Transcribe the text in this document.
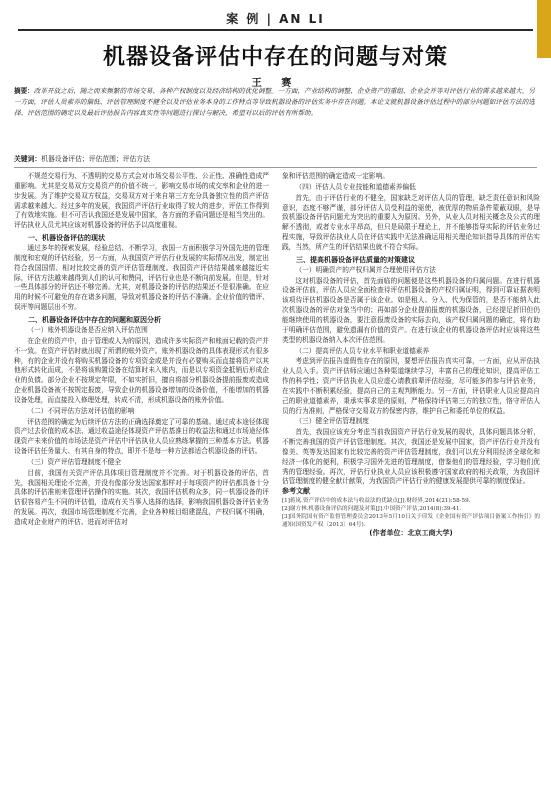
案 例 | AN LI
机器设备评估中存在的问题与对策
王 赛
摘要：改革开放之后，随之而来频繁的市场交易、各种产权制度以及经济结构的优化调整。一方面，产业结构的调整、企业资产的重组、企业会并等对评估行业的需求越来越大。另一方面，评估人员素养的偏低、评估管理制度不健全以及评估业务本身的工作特点等导致机器设备的评估实务中存在问题。本论文就机器设备评估过程中的部分问题如评估方法的选择、评估范围的确定以及最后评估报告内容真实性等问题进行探讨与解决，希望对以后的评估有所帮助。
关键词：机器设备评估；评估范围；评估方法

不规范交易行为、不透明的交易方式会对市场交易公平性、公正性、准确性造成严重影响。尤其是交易双方交易资产的价值不统一，影响交易市场的成交率和企业的进一步发展。为了维护交易双方权益，交易双方对于来自第三方充分具备独立性的资产评估需求越来越大。经过多年的发展，我国资产评估行业取得了较大的进步，评估工作得到了有效地实施。但不可否认我国还是发展中国家，各方面的矛盾问题还是相当突出的。评估执业人员尤其应该对机器设备的评估予以高度重视。

一、机器设备评估的现状

通过多年的探索发展，经验总结、不断学习，我国一方面积极学习外国先进的管理制度和宏观的评估经验，另一方面，从我国资产评估行业发展的实际情况出发，制定出符合我国国情、相对比较完善的资产评估管理制度。我国资产评估结果越来越接近实际，评估方法越来越得到人们的认可和赞同，评估行业也是不断向前发展。但是，针对一些具体部分的评估还不够完善。尤其，对机器设备的评估的结果还不是很准确。在应用的时候不可避免的存在诸多问题，导致对机器设备的评估不准确。企业价值的错评、误评等问题层出不穷。

二、机器设备评估中存在的问题和原因分析
（一）账外机器设备是否应纳入评估范围

在企业的资产中，由于管理或人为的原因，造成许多实际资产和账面记载的资产并不一致。在资产评估时就出现了所谓的账外资产。账外机器设备的具体表现形式有很多种，有的企业并没有将购买机器设备的专项资金或是并没有必要购买而直接将资产以其他形式转化而成，不是将该购置设备在结算时未入账内，而是以专项资金抵销后形成企业的负债。部分企业不按规定年限，不如实折旧，擅自将部分机器设备提前报废或造成企业机器设备被不按规定报废，导致企业的机器设备增加的设备价值，不能增加的机器设备处理，而直接投入修理处理，转成不清，形成机器设备的账外价值。

（二）不同评估方法对评估值的影响

评估范围的确定为后续评估方法的正确选择奠定了可靠的基础。通过成本途径体现资产过去价值的成本法、通过收益途径体现资产评估基准日的收益法和通过市场途径体现资产未来价值的市场法是资产评估中评估执业人员应熟练掌握的三种基本方法。机器设备评估任务量大、有其自身的特点，即并不是每一种方法都适合机器设备的评估。

（三）资产评估管理制度不健全

目前，我国有关资产评估具体项目管理制度并不完善。对于机器设备的评估，首先，我国相关理论不完善，并没有像部分发达国家那样对于每项资产的评估都具备十分具体的评估准则来管理评估操作的实施。其次，我国评估机构众多，同一机器设备的评估很容易产生不同的评估值，造成有关当事人选择的选择，影响我国机器设备评估业务的发展。再次，我国市场管理制度不完善，企业各种账目组建混乱，产权归属不明确，造成对企业财产的评估、进而对评估对

象和评估范围的确定造成一定影响。

（四）评估人员专业技能和道德素养偏低

首先，由于评估行业的不健全，国家缺乏对评估人员的管理，缺乏责任意识和风险意识，态度不够严谨，部分评估人员受利益的驱使，被优厚的物质条件蒙蔽双眼，是导致机器设备评估问题尤为突出的重要人为原因。另外，从业人员对相关概念及公式的理解不透彻，或者专业水平昂高，但只是局限于理论上，并不能够指导实际的评估业务过程实施，导致评估执业人员在评估实践中无法准确运用相关理论知识指导具体的评估实践，当然，所产生的评估结果也就不符合实际。

三、提高机器设备评估质量的对策建议
（一）明确资产的产权归属并合理使用评估方法

这对机器设备的评估，首先面临的问题便是这些机器设备的归属问题。在进行机器设备评估前，评估人员应全面检查待评估机器设备的产权归属证明，得到可靠证据表明该项待评估机器设备是否属于该企业。如是租人、分入、代为保管的，是否不能纳入此次机器设备的评估对象当中的；再如部分企业提前报废的机器设备，已经提足折旧但仍能继续使用的机器设备，要注意报废设备的实际去向，该产权归属问题的确定，将有助于明确评估范围，避免遗漏有价值的资产。在进行该企业的机器设备评估时应该将这些类型的机器设备纳入本次评估范围。

（二）提高评估人员专业水平和职业道德素养

考虑到评估报告虚假性存在的原因，要想评估报告真实可靠，一方面，应从评估执业人员入手。资产评估师应通过各种渠道继续学习，丰富自己的理论知识，提高评估工作的科学性；资产评估执业人员应虚心请教前辈评估经验，尽可能多的参与评估业务，在实践中不断积累经验，提高自己的主观判断能力。另一方面，评估职业人员应提高自己的职业道德素养，秉承实事求是的原则，严格保持评估第三方的独立性，恪守评估人员的行为准则，严格保守交易双方的保密内容，维护自己和委托单位的权益。

（三）健全评估管理制度

首先，我国应该充分考虑当前我国资产评估行业发展的现状，具体问题具体分析，不断完善我国的资产评估管理制度。其次，我国还是发展中国家，资产评估行业并没有像美、英等发达国家有比较完善的资产评估管理制度，我们可以充分利用经济全球化和经济一体化的便利，积极学习国外先进的管理制度，借鉴他们的管理经验，学习他们优秀的管理经验。再次，评估行业执业人员应该积极遵守国家政府的相关政策，为我国评估管理制度的健全献计献策，为我国资产评估行业的健康发展提供可靠的制度保证。

参考文献

[1]蒋岚.资产评估中的成本法与收益法的优缺点[J].财经界,2014(21):58-59.

[2]谢方林.机器设备评估的问题及对策[J].中国资产评估,2014(8):39-41.

[3]国务院国有资产监督管理委员会2013年5月10日关于印发《企业国有资产评估项目备案工作指引》的通知(国资发产权〔2013〕64号).

(作者单位：北京工商大学)
